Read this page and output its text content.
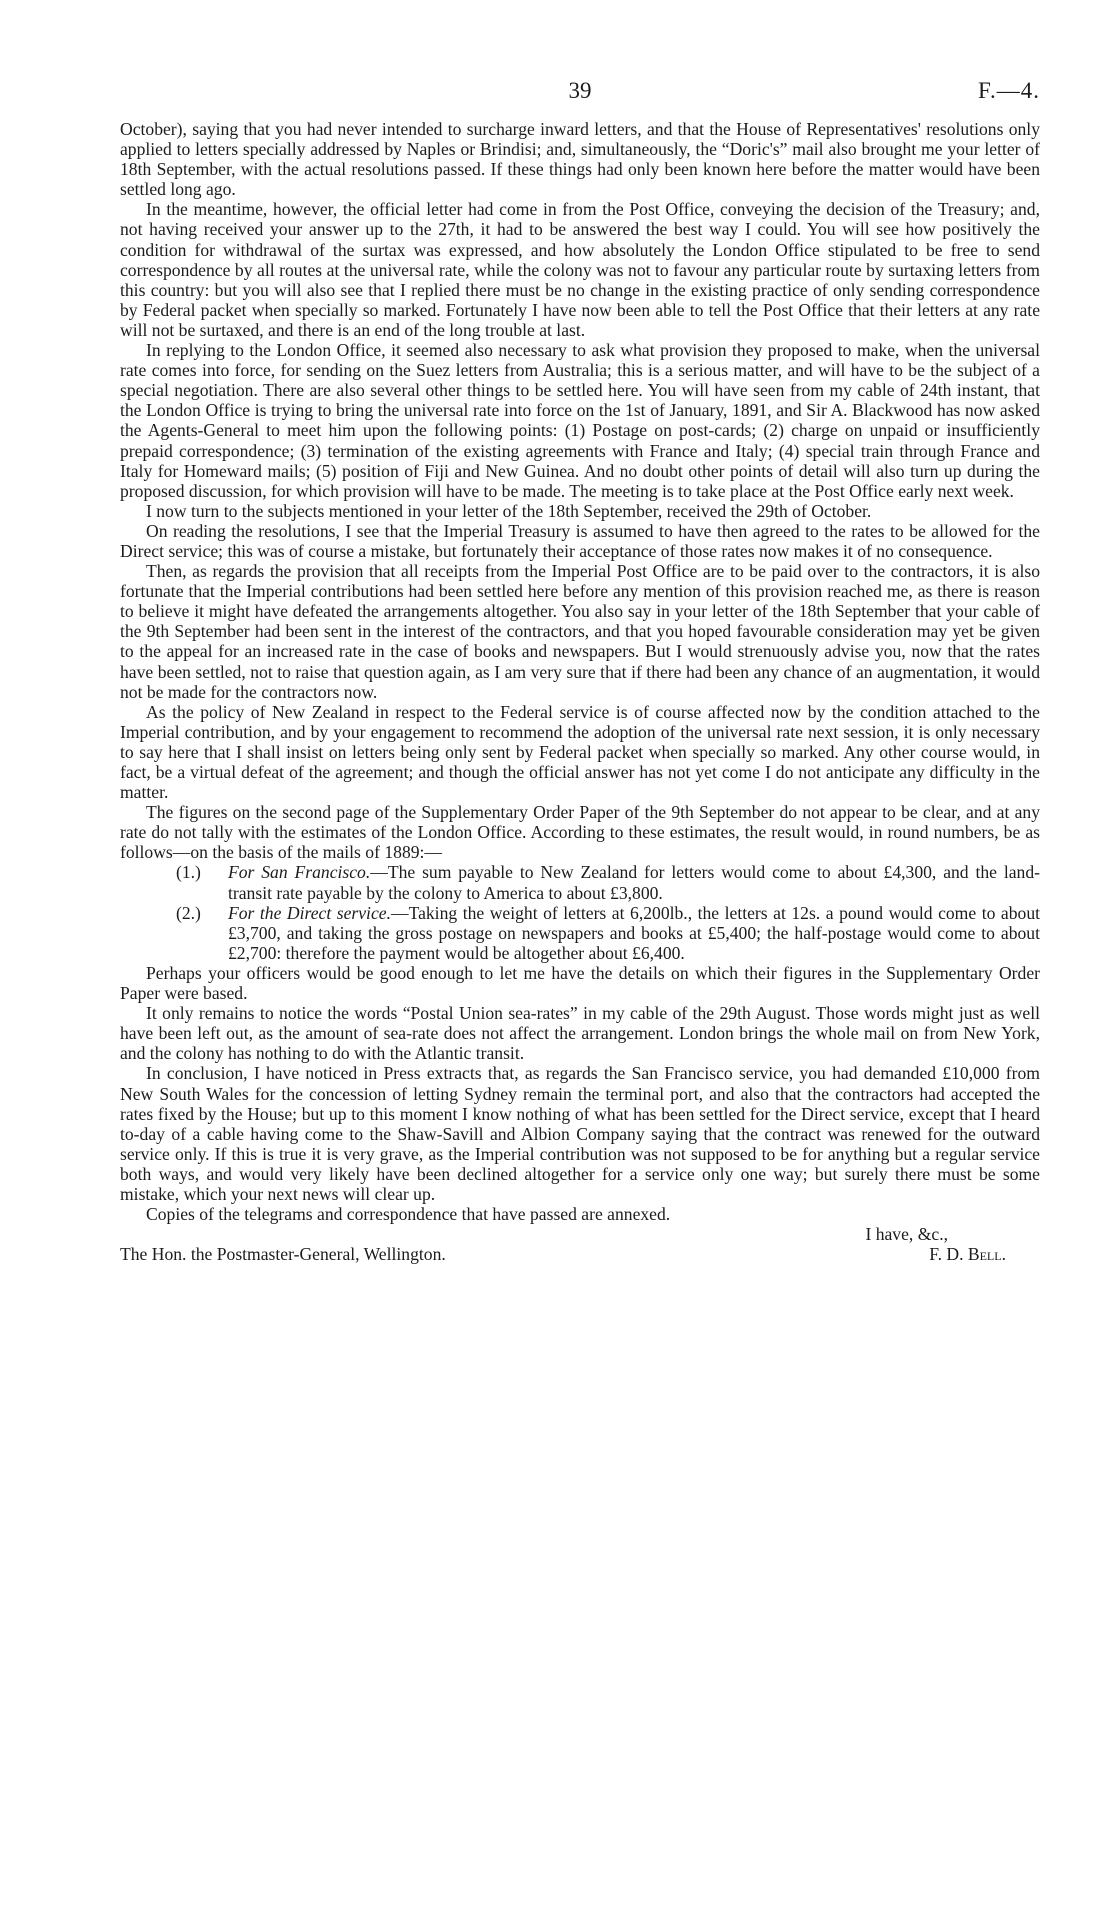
39	F.—4.

October), saying that you had never intended to surcharge inward letters, and that the House of Representatives' resolutions only applied to letters specially addressed by Naples or Brindisi; and, simultaneously, the “Doric's” mail also brought me your letter of 18th September, with the actual resolutions passed. If these things had only been known here before the matter would have been settled long ago.

In the meantime, however, the official letter had come in from the Post Office, conveying the decision of the Treasury; and, not having received your answer up to the 27th, it had to be answered the best way I could. You will see how positively the condition for withdrawal of the surtax was expressed, and how absolutely the London Office stipulated to be free to send correspondence by all routes at the universal rate, while the colony was not to favour any particular route by surtaxing letters from this country: but you will also see that I replied there must be no change in the existing practice of only sending correspondence by Federal packet when specially so marked. Fortunately I have now been able to tell the Post Office that their letters at any rate will not be surtaxed, and there is an end of the long trouble at last.

In replying to the London Office, it seemed also necessary to ask what provision they proposed to make, when the universal rate comes into force, for sending on the Suez letters from Australia; this is a serious matter, and will have to be the subject of a special negotiation. There are also several other things to be settled here. You will have seen from my cable of 24th instant, that the London Office is trying to bring the universal rate into force on the 1st of January, 1891, and Sir A. Blackwood has now asked the Agents-General to meet him upon the following points: (1) Postage on post-cards; (2) charge on unpaid or insufficiently prepaid correspondence; (3) termination of the existing agreements with France and Italy; (4) special train through France and Italy for Homeward mails; (5) position of Fiji and New Guinea. And no doubt other points of detail will also turn up during the proposed discussion, for which provision will have to be made. The meeting is to take place at the Post Office early next week.

I now turn to the subjects mentioned in your letter of the 18th September, received the 29th of October.

On reading the resolutions, I see that the Imperial Treasury is assumed to have then agreed to the rates to be allowed for the Direct service; this was of course a mistake, but fortunately their acceptance of those rates now makes it of no consequence.

Then, as regards the provision that all receipts from the Imperial Post Office are to be paid over to the contractors, it is also fortunate that the Imperial contributions had been settled here before any mention of this provision reached me, as there is reason to believe it might have defeated the arrangements altogether. You also say in your letter of the 18th September that your cable of the 9th September had been sent in the interest of the contractors, and that you hoped favourable consideration may yet be given to the appeal for an increased rate in the case of books and newspapers. But I would strenuously advise you, now that the rates have been settled, not to raise that question again, as I am very sure that if there had been any chance of an augmentation, it would not be made for the contractors now.

As the policy of New Zealand in respect to the Federal service is of course affected now by the condition attached to the Imperial contribution, and by your engagement to recommend the adoption of the universal rate next session, it is only necessary to say here that I shall insist on letters being only sent by Federal packet when specially so marked. Any other course would, in fact, be a virtual defeat of the agreement; and though the official answer has not yet come I do not anticipate any difficulty in the matter.

The figures on the second page of the Supplementary Order Paper of the 9th September do not appear to be clear, and at any rate do not tally with the estimates of the London Office. According to these estimates, the result would, in round numbers, be as follows—on the basis of the mails of 1889:—

(1.) For San Francisco.—The sum payable to New Zealand for letters would come to about £4,300, and the land-transit rate payable by the colony to America to about £3,800.

(2.) For the Direct service.—Taking the weight of letters at 6,200lb., the letters at 12s. a pound would come to about £3,700, and taking the gross postage on newspapers and books at £5,400; the half-postage would come to about £2,700: therefore the payment would be altogether about £6,400.

Perhaps your officers would be good enough to let me have the details on which their figures in the Supplementary Order Paper were based.

It only remains to notice the words “Postal Union sea-rates” in my cable of the 29th August. Those words might just as well have been left out, as the amount of sea-rate does not affect the arrangement. London brings the whole mail on from New York, and the colony has nothing to do with the Atlantic transit.

In conclusion, I have noticed in Press extracts that, as regards the San Francisco service, you had demanded £10,000 from New South Wales for the concession of letting Sydney remain the terminal port, and also that the contractors had accepted the rates fixed by the House; but up to this moment I know nothing of what has been settled for the Direct service, except that I heard to-day of a cable having come to the Shaw-Savill and Albion Company saying that the contract was renewed for the outward service only. If this is true it is very grave, as the Imperial contribution was not supposed to be for anything but a regular service both ways, and would very likely have been declined altogether for a service only one way; but surely there must be some mistake, which your next news will clear up.

Copies of the telegrams and correspondence that have passed are annexed.

I have, &c.,
The Hon. the Postmaster-General, Wellington.	F. D. Bell.
